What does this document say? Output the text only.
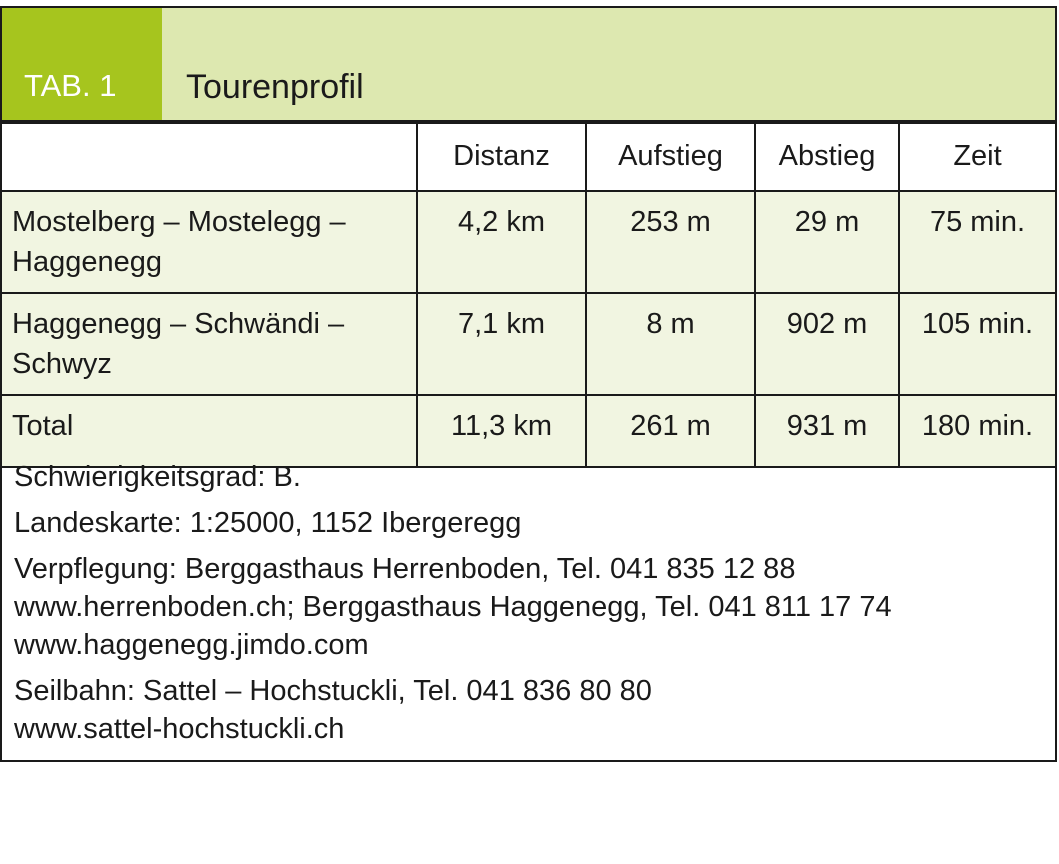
TAB. 1 Tourenprofil
	Distanz	Aufstieg	Abstieg	Zeit
Mostelberg – Mostelegg – Haggenegg	4,2 km	253 m	29 m	75 min.
Haggenegg – Schwändi – Schwyz	7,1 km	8 m	902 m	105 min.
Total	11,3 km	261 m	931 m	180 min.

Schwierigkeitsgrad: B.

Landeskarte: 1:25000, 1152 Ibergeregg

Verpflegung: Berggasthaus Herrenboden, Tel. 041 835 12 88
www.herrenboden.ch; Berggasthaus Haggenegg, Tel. 041 811 17 74
www.haggenegg.jimdo.com

Seilbahn: Sattel – Hochstuckli, Tel. 041 836 80 80
www.sattel-hochstuckli.ch
